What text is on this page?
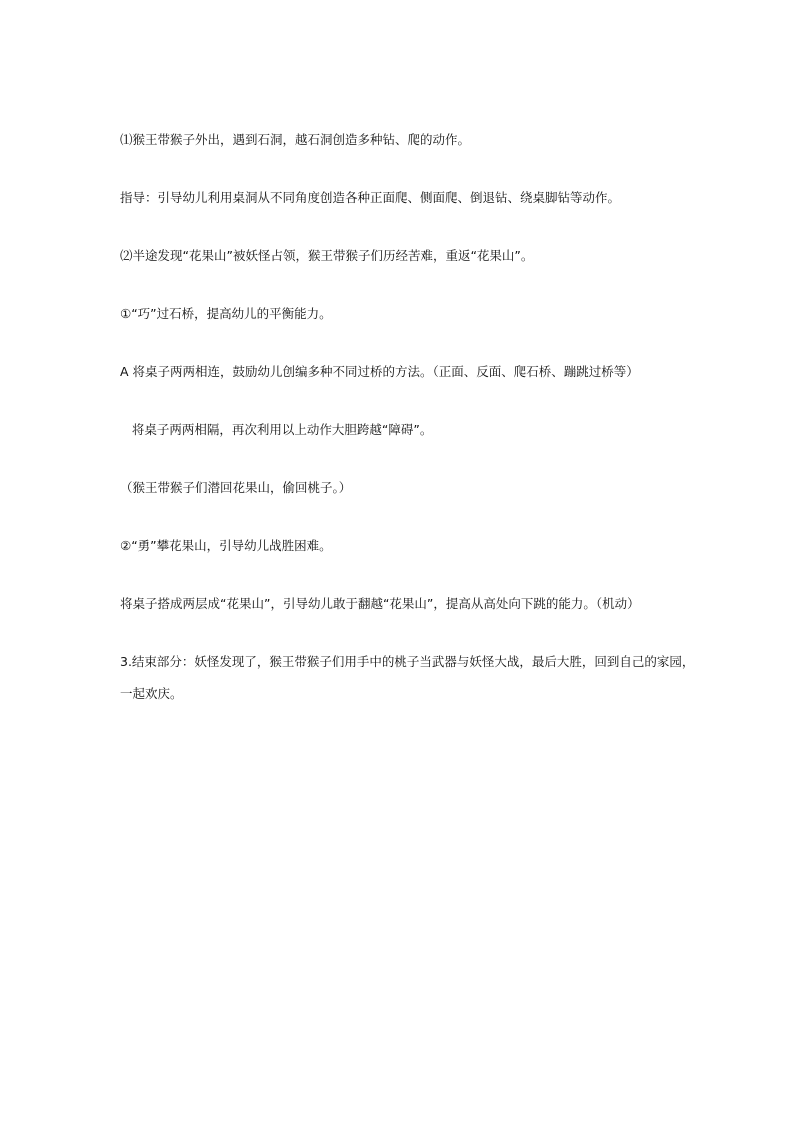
⑴猴王带猴子外出，遇到石洞，越石洞创造多种钻、爬的动作。
指导：引导幼儿利用桌洞从不同角度创造各种正面爬、侧面爬、倒退钻、绕桌脚钻等动作。
⑵半途发现“花果山”被妖怪占领，猴王带猴子们历经苦难，重返“花果山”。
①“巧”过石桥，提高幼儿的平衡能力。
A 将桌子两两相连，鼓励幼儿创编多种不同过桥的方法。（正面、反面、爬石桥、蹦跳过桥等）
将桌子两两相隔，再次利用以上动作大胆跨越“障碍”。
（猴王带猴子们潜回花果山，偷回桃子。）
②“勇”攀花果山，引导幼儿战胜困难。
将桌子搭成两层成“花果山”，引导幼儿敢于翻越“花果山”，提高从高处向下跳的能力。（机动）
3.结束部分：妖怪发现了，猴王带猴子们用手中的桃子当武器与妖怪大战，最后大胜，回到自己的家园，
一起欢庆。
